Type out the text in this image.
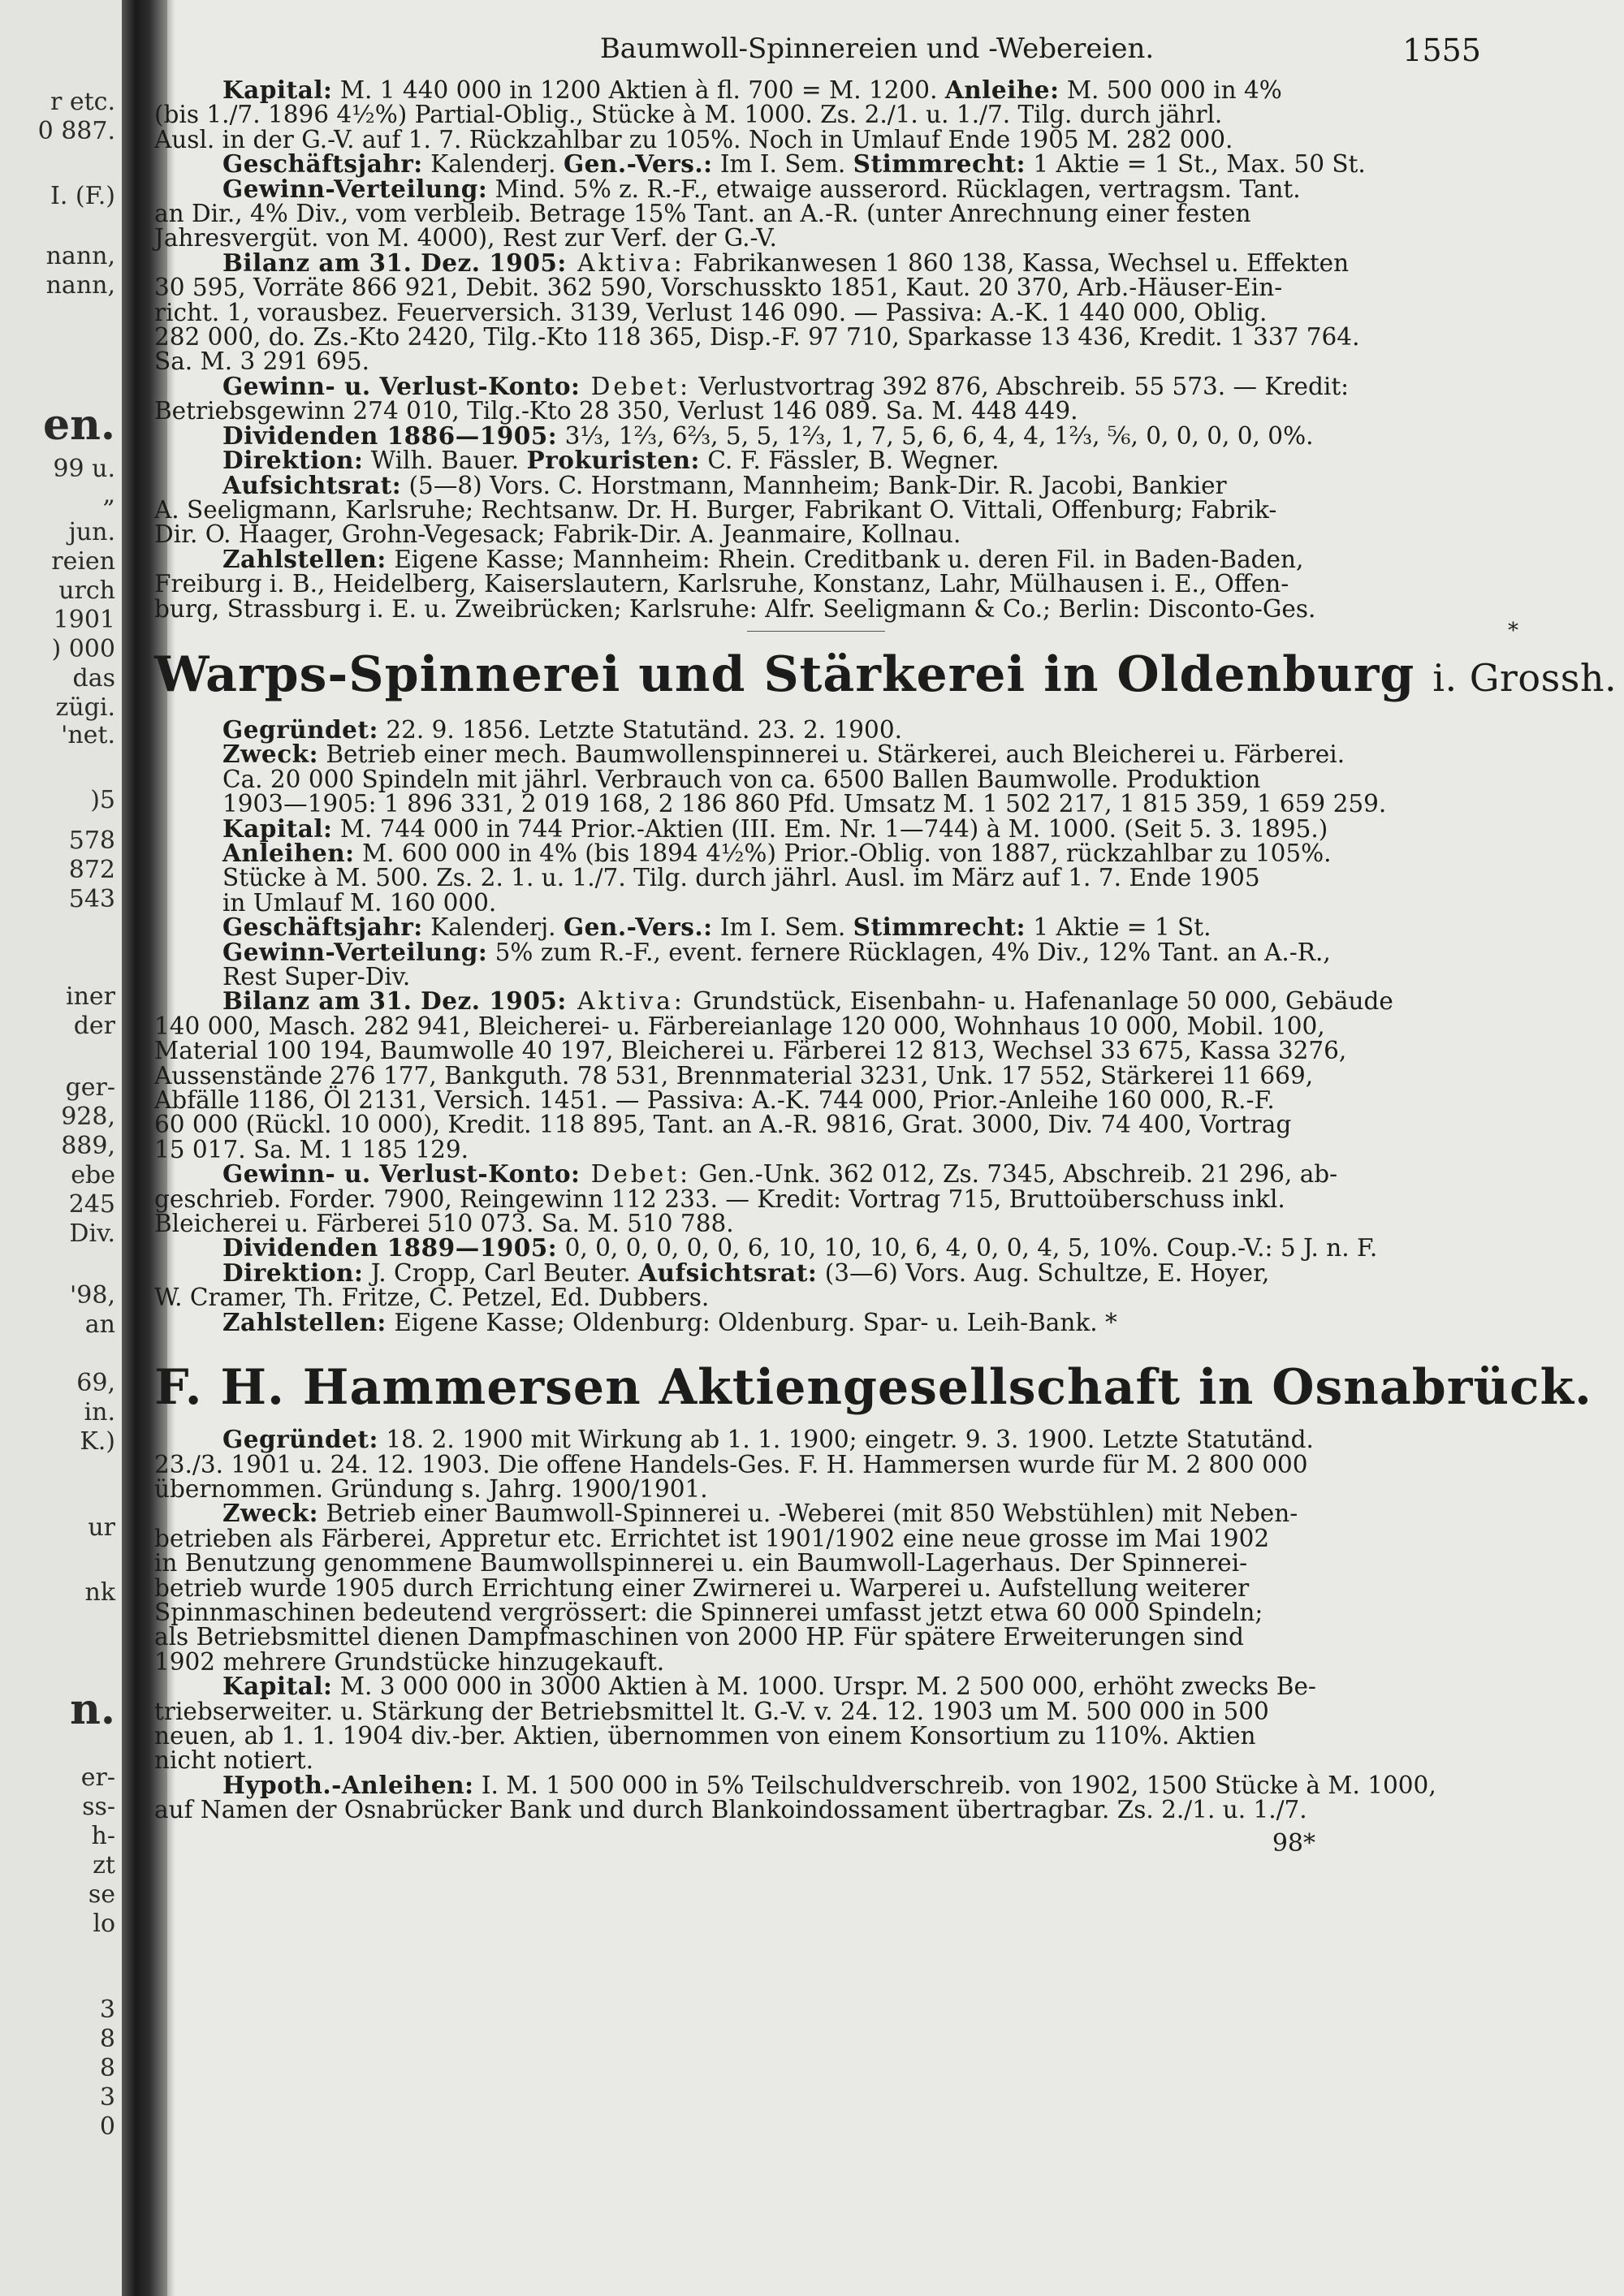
r etc.
0 887.
I. (F.)
nann,
nann,
en.
99 u.
„
jun.
reien
urch
1901
) 000
das
zügi.
'net.
)5
578
872
543
iner
der
ger-
928,
889,
ebe
245
Div.
'98,
an
69,
in.
K.)
ur
nk
n.
er-
ss-
h-
zt
se
lo
3
8
8
3
0
Baumwoll-Spinnereien und -Webereien.	1555

Kapital: M. 1 440 000 in 1200 Aktien à fl. 700 = M. 1200. Anleihe: M. 500 000 in 4%

(bis 1./7. 1896 4½%) Partial-Oblig., Stücke à M. 1000. Zs. 2./1. u. 1./7. Tilg. durch jährl.

Ausl. in der G.-V. auf 1. 7. Rückzahlbar zu 105%. Noch in Umlauf Ende 1905 M. 282 000.

Geschäftsjahr: Kalenderj. Gen.-Vers.: Im I. Sem. Stimmrecht: 1 Aktie = 1 St., Max. 50 St.

Gewinn-Verteilung: Mind. 5% z. R.-F., etwaige ausserord. Rücklagen, vertragsm. Tant.

an Dir., 4% Div., vom verbleib. Betrage 15% Tant. an A.-R. (unter Anrechnung einer festen

Jahresvergüt. von M. 4000), Rest zur Verf. der G.-V.

Bilanz am 31. Dez. 1905: Aktiva: Fabrikanwesen 1 860 138, Kassa, Wechsel u. Effekten

30 595, Vorräte 866 921, Debit. 362 590, Vorschusskto 1851, Kaut. 20 370, Arb.-Häuser-Ein-

richt. 1, vorausbez. Feuerversich. 3139, Verlust 146 090. — Passiva: A.-K. 1 440 000, Oblig.

282 000, do. Zs.-Kto 2420, Tilg.-Kto 118 365, Disp.-F. 97 710, Sparkasse 13 436, Kredit. 1 337 764.

Sa. M. 3 291 695.

Gewinn- u. Verlust-Konto: Debet: Verlustvortrag 392 876, Abschreib. 55 573. — Kredit:

Betriebsgewinn 274 010, Tilg.-Kto 28 350, Verlust 146 089. Sa. M. 448 449.

Dividenden 1886—1905: 3⅓, 1⅔, 6⅔, 5, 5, 1⅔, 1, 7, 5, 6, 6, 4, 4, 1⅔, ⅚, 0, 0, 0, 0, 0%.

Direktion: Wilh. Bauer. Prokuristen: C. F. Fässler, B. Wegner.

Aufsichtsrat: (5—8) Vors. C. Horstmann, Mannheim; Bank-Dir. R. Jacobi, Bankier

A. Seeligmann, Karlsruhe; Rechtsanw. Dr. H. Burger, Fabrikant O. Vittali, Offenburg; Fabrik-

Dir. O. Haager, Grohn-Vegesack; Fabrik-Dir. A. Jeanmaire, Kollnau.

Zahlstellen: Eigene Kasse; Mannheim: Rhein. Creditbank u. deren Fil. in Baden-Baden,

Freiburg i. B., Heidelberg, Kaiserslautern, Karlsruhe, Konstanz, Lahr, Mülhausen i. E., Offen-

burg, Strassburg i. E. u. Zweibrücken; Karlsruhe: Alfr. Seeligmann & Co.; Berlin: Disconto-Ges.

*
Warps-Spinnerei und Stärkerei in Oldenburg i. Grossh.

Gegründet: 22. 9. 1856. Letzte Statutänd. 23. 2. 1900.

Zweck: Betrieb einer mech. Baumwollenspinnerei u. Stärkerei, auch Bleicherei u. Färberei.

Ca. 20 000 Spindeln mit jährl. Verbrauch von ca. 6500 Ballen Baumwolle. Produktion

1903—1905: 1 896 331, 2 019 168, 2 186 860 Pfd. Umsatz M. 1 502 217, 1 815 359, 1 659 259.

Kapital: M. 744 000 in 744 Prior.-Aktien (III. Em. Nr. 1—744) à M. 1000. (Seit 5. 3. 1895.)

Anleihen: M. 600 000 in 4% (bis 1894 4½%) Prior.-Oblig. von 1887, rückzahlbar zu 105%.

Stücke à M. 500. Zs. 2. 1. u. 1./7. Tilg. durch jährl. Ausl. im März auf 1. 7. Ende 1905

in Umlauf M. 160 000.

Geschäftsjahr: Kalenderj. Gen.-Vers.: Im I. Sem. Stimmrecht: 1 Aktie = 1 St.

Gewinn-Verteilung: 5% zum R.-F., event. fernere Rücklagen, 4% Div., 12% Tant. an A.-R.,

Rest Super-Div.

Bilanz am 31. Dez. 1905: Aktiva: Grundstück, Eisenbahn- u. Hafenanlage 50 000, Gebäude

140 000, Masch. 282 941, Bleicherei- u. Färbereianlage 120 000, Wohnhaus 10 000, Mobil. 100,

Material 100 194, Baumwolle 40 197, Bleicherei u. Färberei 12 813, Wechsel 33 675, Kassa 3276,

Aussenstände 276 177, Bankguth. 78 531, Brennmaterial 3231, Unk. 17 552, Stärkerei 11 669,

Abfälle 1186, Öl 2131, Versich. 1451. — Passiva: A.-K. 744 000, Prior.-Anleihe 160 000, R.-F.

60 000 (Rückl. 10 000), Kredit. 118 895, Tant. an A.-R. 9816, Grat. 3000, Div. 74 400, Vortrag

15 017. Sa. M. 1 185 129.

Gewinn- u. Verlust-Konto: Debet: Gen.-Unk. 362 012, Zs. 7345, Abschreib. 21 296, ab-

geschrieb. Forder. 7900, Reingewinn 112 233. — Kredit: Vortrag 715, Bruttoüberschuss inkl.

Bleicherei u. Färberei 510 073. Sa. M. 510 788.

Dividenden 1889—1905: 0, 0, 0, 0, 0, 0, 6, 10, 10, 10, 6, 4, 0, 0, 4, 5, 10%. Coup.-V.: 5 J. n. F.

Direktion: J. Cropp, Carl Beuter. Aufsichtsrat: (3—6) Vors. Aug. Schultze, E. Hoyer,

W. Cramer, Th. Fritze, C. Petzel, Ed. Dubbers.

Zahlstellen: Eigene Kasse; Oldenburg: Oldenburg. Spar- u. Leih-Bank. *

F. H. Hammersen Aktiengesellschaft in Osnabrück.

Gegründet: 18. 2. 1900 mit Wirkung ab 1. 1. 1900; eingetr. 9. 3. 1900. Letzte Statutänd.

23./3. 1901 u. 24. 12. 1903. Die offene Handels-Ges. F. H. Hammersen wurde für M. 2 800 000

übernommen. Gründung s. Jahrg. 1900/1901.

Zweck: Betrieb einer Baumwoll-Spinnerei u. -Weberei (mit 850 Webstühlen) mit Neben-

betrieben als Färberei, Appretur etc. Errichtet ist 1901/1902 eine neue grosse im Mai 1902

in Benutzung genommene Baumwollspinnerei u. ein Baumwoll-Lagerhaus. Der Spinnerei-

betrieb wurde 1905 durch Errichtung einer Zwirnerei u. Warperei u. Aufstellung weiterer

Spinnmaschinen bedeutend vergrössert: die Spinnerei umfasst jetzt etwa 60 000 Spindeln;

als Betriebsmittel dienen Dampfmaschinen von 2000 HP. Für spätere Erweiterungen sind

1902 mehrere Grundstücke hinzugekauft.

Kapital: M. 3 000 000 in 3000 Aktien à M. 1000. Urspr. M. 2 500 000, erhöht zwecks Be-

triebserweiter. u. Stärkung der Betriebsmittel lt. G.-V. v. 24. 12. 1903 um M. 500 000 in 500

neuen, ab 1. 1. 1904 div.-ber. Aktien, übernommen von einem Konsortium zu 110%. Aktien

nicht notiert.

Hypoth.-Anleihen: I. M. 1 500 000 in 5% Teilschuldverschreib. von 1902, 1500 Stücke à M. 1000,

auf Namen der Osnabrücker Bank und durch Blankoindossament übertragbar. Zs. 2./1. u. 1./7.

98*
